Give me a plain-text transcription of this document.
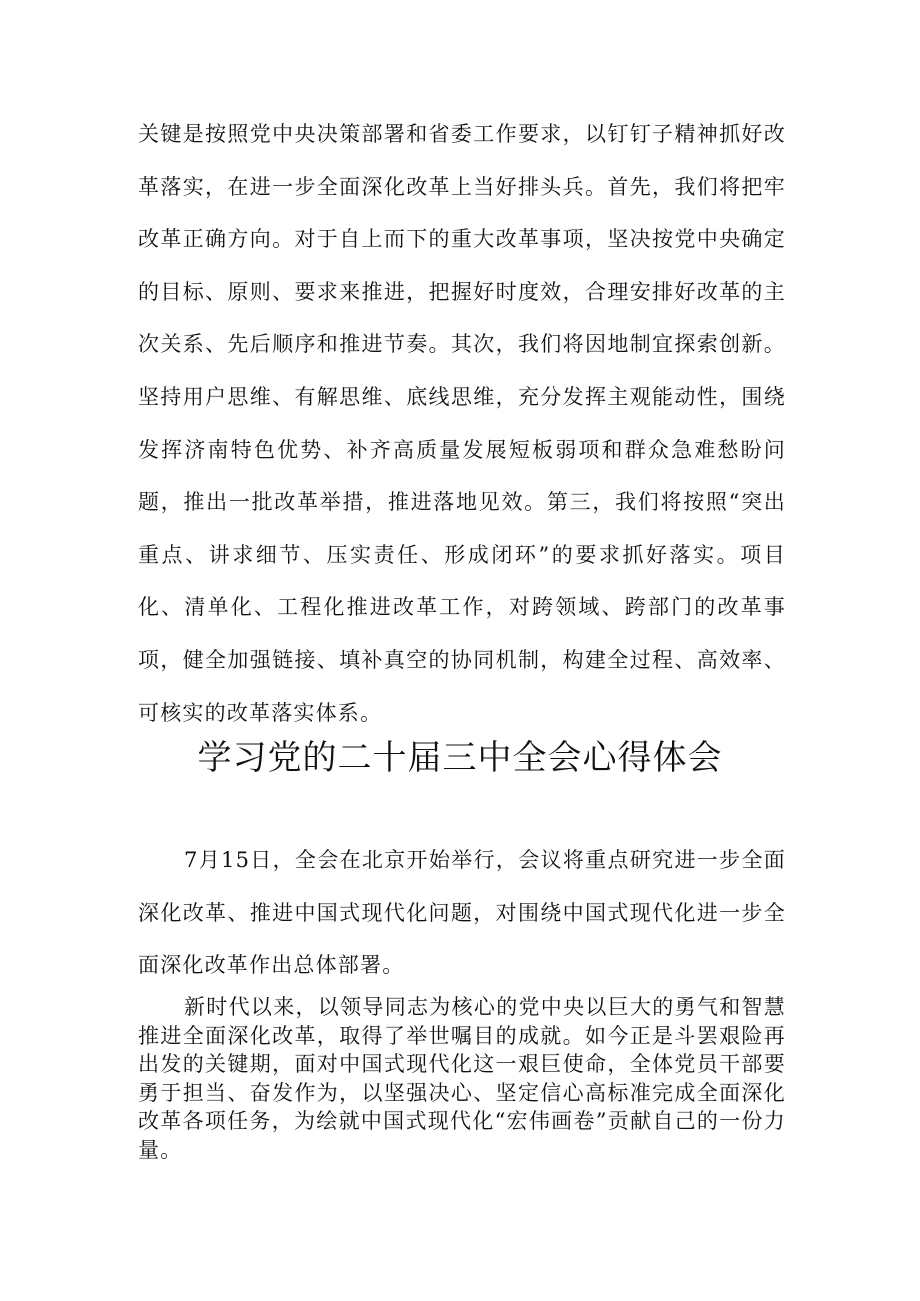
关键是按照党中央决策部署和省委工作要求，以钉钉子精神抓好改革落实，在进一步全面深化改革上当好排头兵。首先，我们将把牢改革正确方向。对于自上而下的重大改革事项，坚决按党中央确定的目标、原则、要求来推进，把握好时度效，合理安排好改革的主次关系、先后顺序和推进节奏。其次，我们将因地制宜探索创新。坚持用户思维、有解思维、底线思维，充分发挥主观能动性，围绕发挥济南特色优势、补齐高质量发展短板弱项和群众急难愁盼问题，推出一批改革举措，推进落地见效。第三，我们将按照“突出重点、讲求细节、压实责任、形成闭环”的要求抓好落实。项目化、清单化、工程化推进改革工作，对跨领域、跨部门的改革事项，健全加强链接、填补真空的协同机制，构建全过程、高效率、可核实的改革落实体系。

学习党的二十届三中全会心得体会

7月15日，全会在北京开始举行，会议将重点研究进一步全面深化改革、推进中国式现代化问题，对围绕中国式现代化进一步全面深化改革作出总体部署。

新时代以来，以领导同志为核心的党中央以巨大的勇气和智慧推进全面深化改革，取得了举世嘱目的成就。如今正是斗罢艰险再出发的关键期，面对中国式现代化这一艰巨使命，全体党员干部要勇于担当、奋发作为，以坚强决心、坚定信心高标准完成全面深化改革各项任务，为绘就中国式现代化“宏伟画卷”贡献自己的一份力量。
